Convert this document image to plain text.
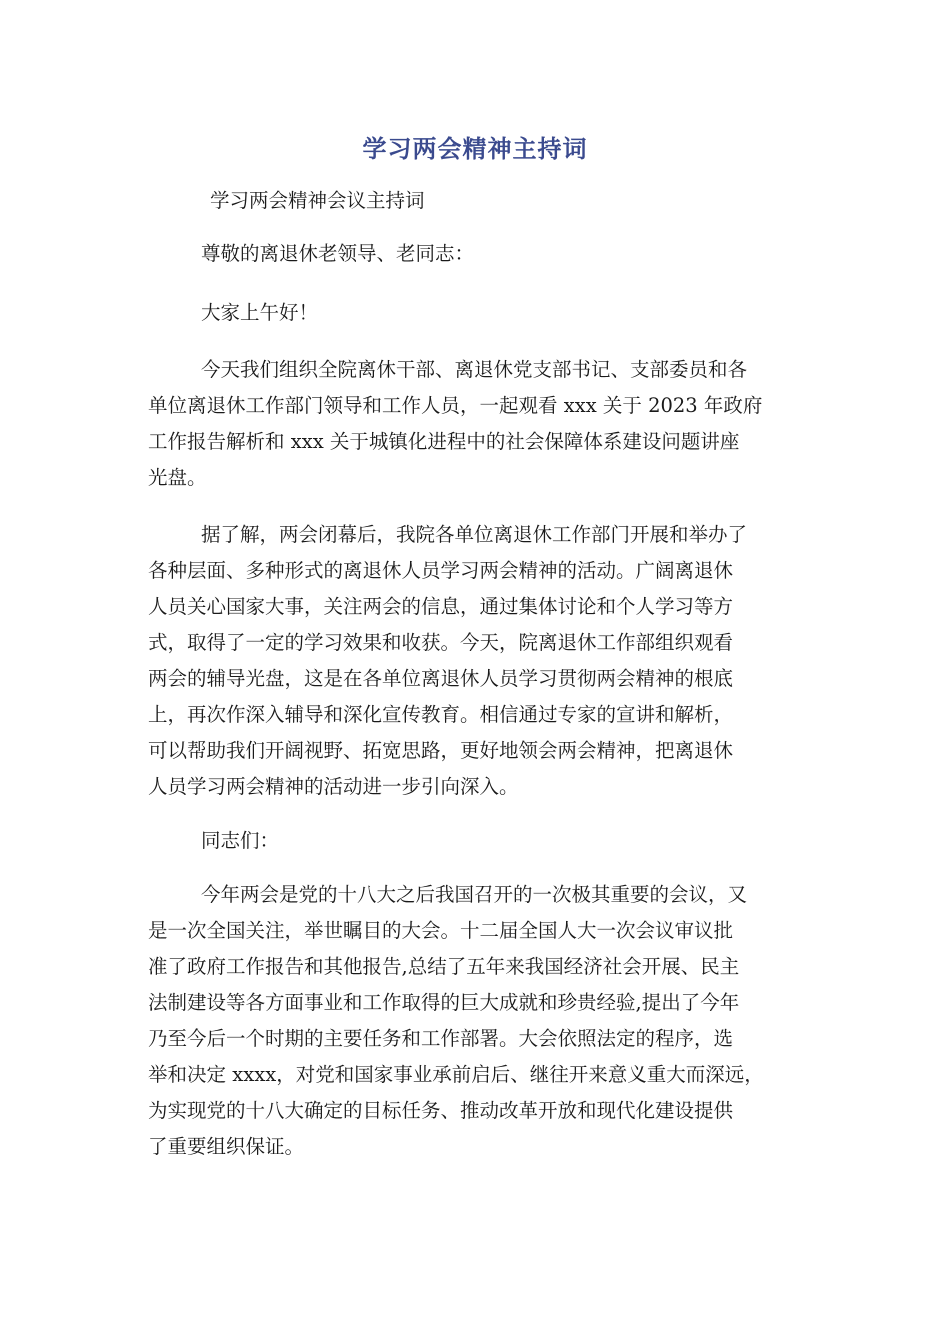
学习两会精神主持词
学习两会精神会议主持词
尊敬的离退休老领导、老同志：
大家上午好！
今天我们组织全院离休干部、离退休党支部书记、支部委员和各
单位离退休工作部门领导和工作人员，一起观看 xxx 关于 2023 年政府
工作报告解析和 xxx 关于城镇化进程中的社会保障体系建设问题讲座
光盘。
据了解，两会闭幕后，我院各单位离退休工作部门开展和举办了
各种层面、多种形式的离退休人员学习两会精神的活动。广阔离退休
人员关心国家大事，关注两会的信息，通过集体讨论和个人学习等方
式，取得了一定的学习效果和收获。今天，院离退休工作部组织观看
两会的辅导光盘，这是在各单位离退休人员学习贯彻两会精神的根底
上，再次作深入辅导和深化宣传教育。相信通过专家的宣讲和解析，
可以帮助我们开阔视野、拓宽思路，更好地领会两会精神，把离退休
人员学习两会精神的活动进一步引向深入。
同志们：
今年两会是党的十八大之后我国召开的一次极其重要的会议，又
是一次全国关注，举世瞩目的大会。十二届全国人大一次会议审议批
准了政府工作报告和其他报告,总结了五年来我国经济社会开展、民主
法制建设等各方面事业和工作取得的巨大成就和珍贵经验,提出了今年
乃至今后一个时期的主要任务和工作部署。大会依照法定的程序，选
举和决定 xxxx，对党和国家事业承前启后、继往开来意义重大而深远，
为实现党的十八大确定的目标任务、推动改革开放和现代化建设提供
了重要组织保证。
